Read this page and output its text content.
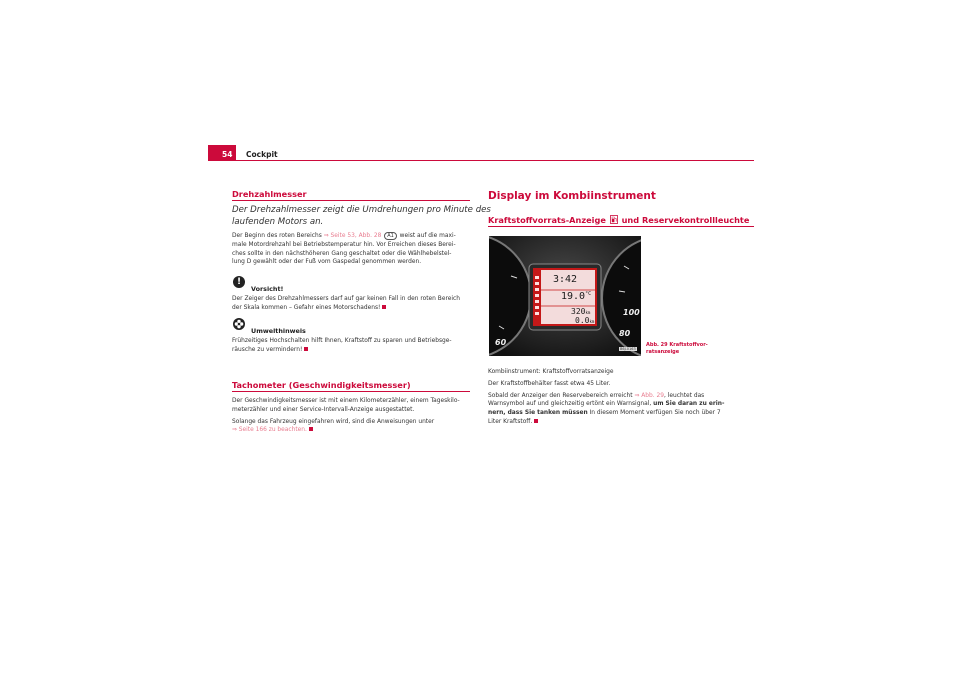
54 Cockpit
Drehzahlmesser
Der Drehzahlmesser zeigt die Umdrehungen pro Minute des
laufenden Motors an.
Der Beginn des roten Bereichs ⇒ Seite 53, Abb. 28 A1 weist auf die maxi-
male Motordrehzahl bei Betriebstemperatur hin. Vor Erreichen dieses Berei-
ches sollte in den nächsthöheren Gang geschaltet oder die Wählhebelstel-
lung D gewählt oder der Fuß vom Gaspedal genommen werden.
!
Vorsicht!
Der Zeiger des Drehzahlmessers darf auf gar keinen Fall in den roten Bereich
der Skala kommen – Gefahr eines Motorschadens!
Umwelthinweis
Frühzeitiges Hochschalten hilft Ihnen, Kraftstoff zu sparen und Betriebsge-
räusche zu vermindern!
Tachometer (Geschwindigkeitsmesser)
Der Geschwindigkeitsmesser ist mit einem Kilometerzähler, einem Tageskilo-
meterzähler und einer Service-Intervall-Anzeige ausgestattet.
Solange das Fahrzeug eingefahren wird, sind die Anweisungen unter
⇒ Seite 166 zu beachten.
Display im Kombiinstrument
Kraftstoffvorrats-Anzeige  und Reservekontrollleuchte
3:42
$19.0^{^\circ C}$
320km
0.0km
60
100
80
B6J-0163
Abb. 29 Kraftstoffvor-
ratsanzeige
Kombiinstrument: Kraftstoffvorratsanzeige
Der Kraftstoffbehälter fasst etwa 45 Liter.
Sobald der Anzeiger den Reservebereich erreicht ⇒ Abb. 29, leuchtet das
Warnsymbol auf und gleichzeitig ertönt ein Warnsignal, um Sie daran zu erin-
nern, dass Sie tanken müssen In diesem Moment verfügen Sie noch über 7
Liter Kraftstoff.
